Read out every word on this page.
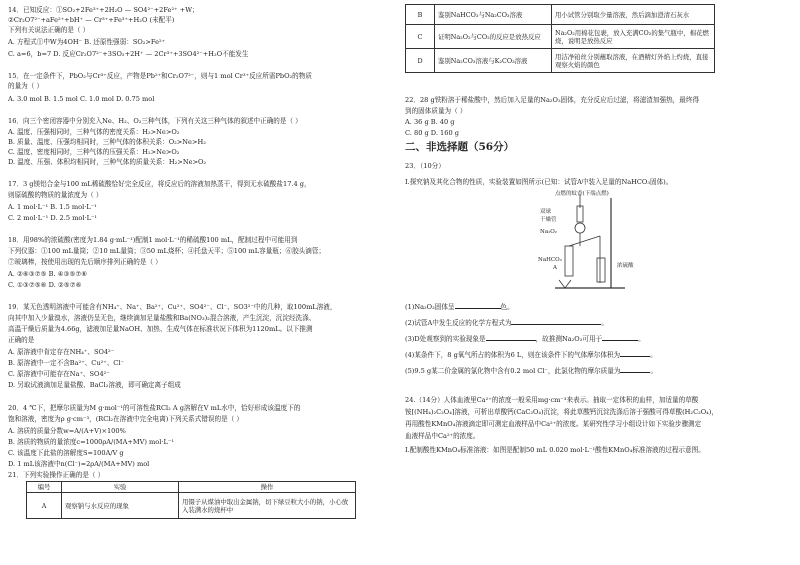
14．已知反应：①SO₂+2Fe³⁺+2H₂O — SO4²⁻+2Fe²⁺ +W；
②Cr₂O7²⁻+aFe²⁺+bH⁺ — Cr³⁺+Fe³⁺+H₂O (未配平)
下列有关说法正确的是（ ）
A. 方程式①中W为4OH⁻ B. 还原性强弱：SO₂>Fe²⁺
C. a=6，b=7 D. 反应Cr₂O7²⁻+3SO₂+2H⁺ — 2Cr³⁺+3SO4²⁻+H₂O不能发生
15．在一定条件下，PbO₂与Cr³⁺反应，产物是Pb²⁺和Cr₂O7²⁻，则与1 mol Cr³⁺反应所需PbO₂的物质
的量为（ ）
A. 3.0 mol B. 1.5 mol C. 1.0 mol D. 0.75 mol
16．向三个密闭容器中分别充入Ne、H₂、O₂三种气体，下列有关这三种气体的叙述中正确的是（ ）
A. 温度、压强相同时，三种气体的密度关系：H₂>Ne>O₂
B. 质量、温度、压强均相同时，三种气体的体积关系：O₂>Ne>H₂
C. 温度、密度相同时，三种气体的压强关系：H₂>Ne>O₂
D. 温度、压强、体积均相同时，三种气体的质量关系：H₂>Ne>O₂
17．3 g镁铝合金与100 mL稀硫酸恰好完全反应，将反应后的溶液加热蒸干，得到无水硫酸盐17.4 g，
则原硫酸的物质的量浓度为（ ）
A. 1 mol·L⁻¹ B. 1.5 mol·L⁻¹
C. 2 mol·L⁻¹ D. 2.5 mol·L⁻¹
18．用98%的浓硫酸(密度为1.84 g·mL⁻¹)配制1 mol·L⁻¹的稀硫酸100 mL，配制过程中可能用到
下列仪器：①100 mL量筒；②10 mL量筒；③50 mL烧杯；④托盘天平；⑤100 mL容量瓶；⑥胶头滴管；
⑦玻璃棒，按使用出现的先后顺序排列正确的是（ ）
A. ②⑥③⑦⑤ B. ④③⑤⑦⑥
C. ①③⑦⑤⑥ D. ②⑤⑦⑥
19．某无色透明溶液中可能含有NH₄⁺、Na⁺、Ba²⁺、Cu²⁺、SO4²⁻、Cl⁻、SO3²⁻中的几种，取100mL溶液，
向其中加入少量溴水，溶液仍呈无色，继续滴加足量盐酸和Ba(NO₃)₂混合溶液，产生沉淀，沉淀经洗涤、
高温干燥后质量为4.66g，滤液加足量NaOH、加热、生成气体在标准状况下体积为1120mL。以下推测
正确的是
A. 原溶液中肯定存在NH₄⁺、SO4²⁻
B. 原溶液中一定不含Ba²⁺、Cu²⁺、Cl⁻
C. 原溶液中可能存在Na⁺、SO4²⁻
D. 另取试液滴加足量盐酸、BaCl₂溶液，即可确定离子组成
20．4 ℃下，把摩尔质量为M g·mol⁻¹的可溶性盐RCl₂ A g溶解在V mL水中，恰好形成该温度下的
饱和溶液，密度为ρ g·cm⁻³，(RCl₂在溶液中完全电离)下列关系式错误的是（ ）
A. 溶质的质量分数w=A/(A+V)×100%
B. 溶质的物质的量浓度c=1000ρA/(MA+MV) mol·L⁻¹
C. 该温度下此盐的溶解度S=100A/V g
D. 1 mL该溶液中n(Cl⁻)=2ρA/(MA+MV) mol
21．下列实验操作正确的是（ ）
编号	实验	操作
A	观察钠与水反应的现象	用镊子从煤油中取出金属钠，切下绿豆粒大小的钠，小心放入装满水的烧杯中
B	鉴别NaHCO₃与Na₂CO₃溶液	用小试管分别取少量溶液，然后滴加澄清石灰水
C	证明Na₂O₂与CO₂的反应是放热反应	Na₂O₂用棉花包裹，放入充满CO₂的集气瓶中，棉花燃烧，说明是放热反应
D	鉴别Na₂CO₃溶液与K₂CO₃溶液	用洁净铂丝分别蘸取溶液，在酒精灯外焰上灼烧，直接观察火焰的颜色
22．28 g铁粉溶于稀盐酸中，然后加入足量的Na₂O₂固体，充分反应后过滤，将滤渣加强热，最终得
到的固体质量为（ ）
A. 36 g B. 40 g
C. 80 g D. 160 g
二、非选择题（56分）
23．（10分）
Ⅰ.探究钠及其化合物的性质，实验装置如图所示(已知：试管A中装入足量的NaHCO₃固体)。
点燃的蚊香(下端点燃)
双球
干燥管
Na₂O₂
NaHCO₃
A	浓硫酸
(1)Na₂O₂固体呈	色。
(2)试管A中发生反应的化学方程式为	。
(3)D处观察到的实验现象是	，故推测Na₂O₂可用于	。
(4)某条件下，8 g氧气所占的体积为6 L，则在该条件下的气体摩尔体积为	。
(5)9.5 g某二价金属的氯化物中含有0.2 mol Cl⁻，此氯化物的摩尔质量为	。
24.（14分）人体血液里Ca²⁺的浓度一般采用mg·cm⁻³来表示。抽取一定体积的血样，加适量的草酸
铵[(NH₄)₂C₂O₄]溶液，可析出草酸钙(CaC₂O₄)沉淀，将此草酸钙沉淀洗涤后溶于强酸可得草酸(H₂C₂O₄)，
再用酸性KMnO₄溶液滴定即可测定血液样品中Ca²⁺的浓度。某研究性学习小组设计如下实验步骤测定
血液样品中Ca²⁺的浓度。
Ⅰ.配制酸性KMnO₄标准溶液：如图是配制50 mL 0.020 mol·L⁻¹酸性KMnO₄标准溶液的过程示意图。
